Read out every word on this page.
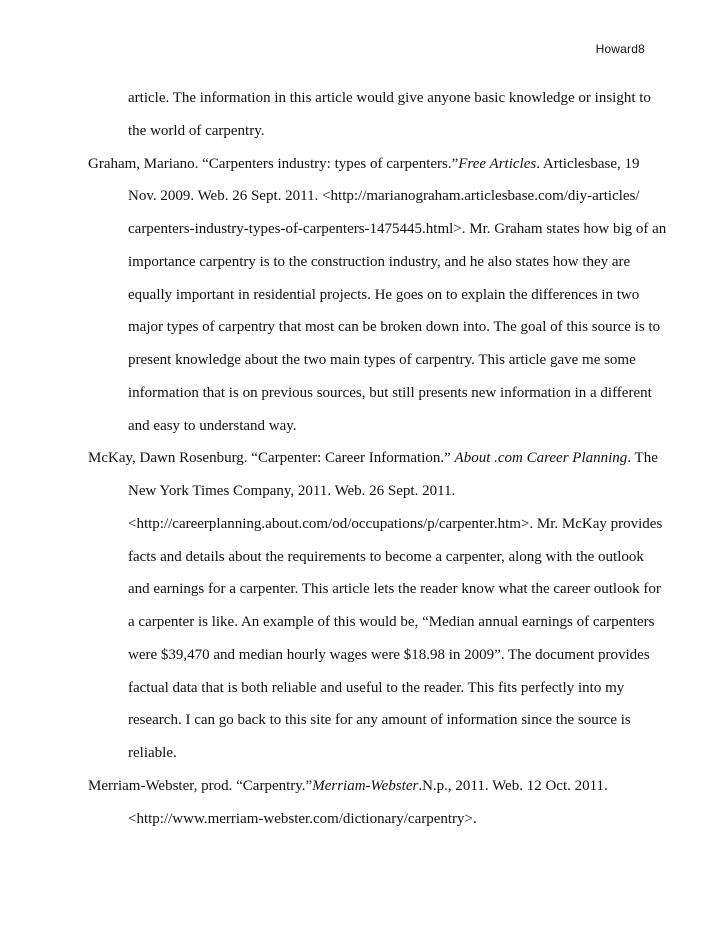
Howard8

article. The information in this article would give anyone basic knowledge or insight to

the world of carpentry.

Graham, Mariano. “Carpenters industry: types of carpenters.”Free Articles. Articlesbase, 19

Nov. 2009. Web. 26 Sept. 2011. <http://marianograham.articlesbase.com/diy-articles/

carpenters-industry-types-of-carpenters-1475445.html>. Mr. Graham states how big of an

importance carpentry is to the construction industry, and he also states how they are

equally important in residential projects. He goes on to explain the differences in two

major types of carpentry that most can be broken down into. The goal of this source is to

present knowledge about the two main types of carpentry. This article gave me some

information that is on previous sources, but still presents new information in a different

and easy to understand way.

McKay, Dawn Rosenburg. “Carpenter: Career Information.” About .com Career Planning. The

New York Times Company, 2011. Web. 26 Sept. 2011.

<http://careerplanning.about.com/od/occupations/p/carpenter.htm>. Mr. McKay provides

facts and details about the requirements to become a carpenter, along with the outlook

and earnings for a carpenter. This article lets the reader know what the career outlook for

a carpenter is like. An example of this would be, “Median annual earnings of carpenters

were $39,470 and median hourly wages were $18.98 in 2009”. The document provides

factual data that is both reliable and useful to the reader. This fits perfectly into my

research. I can go back to this site for any amount of information since the source is

reliable.

Merriam-Webster, prod. “Carpentry.”Merriam-Webster.N.p., 2011. Web. 12 Oct. 2011.

<http://www.merriam-webster.com/dictionary/carpentry>.
